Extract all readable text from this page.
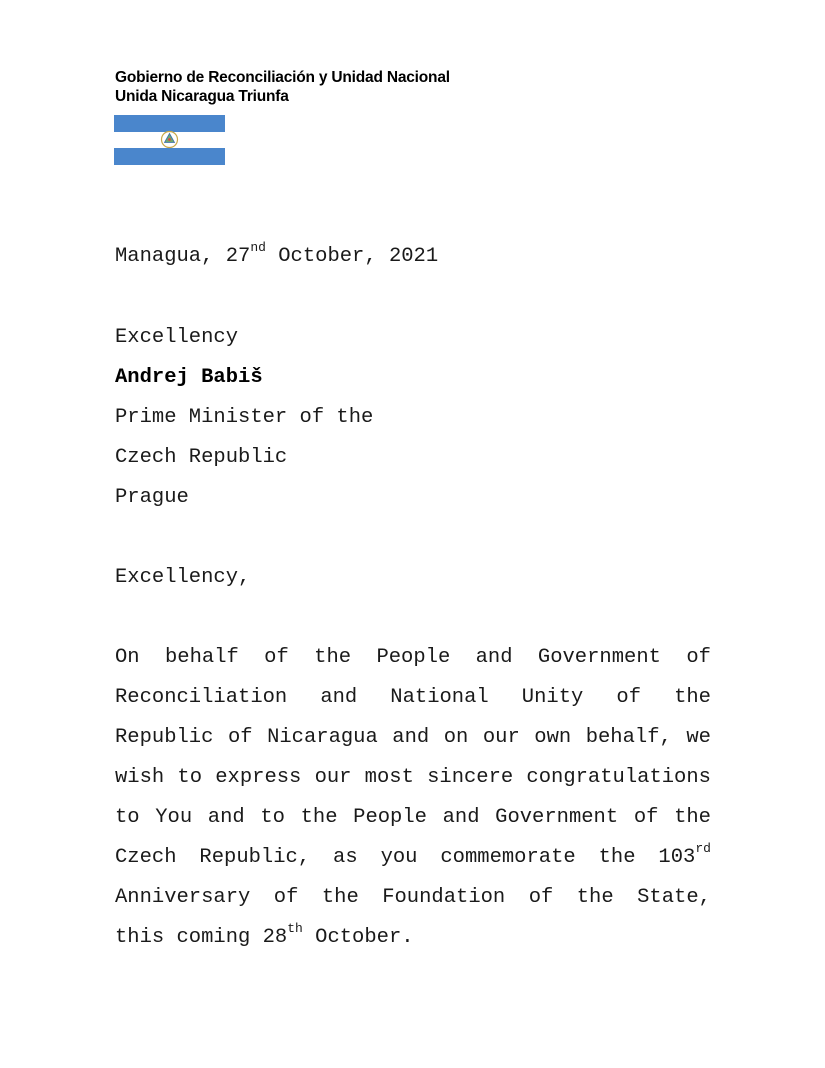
Gobierno de Reconciliación y Unidad Nacional
Unida Nicaragua Triunfa
Managua, 27nd October, 2021
Excellency
Andrej Babiš
Prime Minister of the
Czech Republic
Prague
Excellency,
On behalf of the People and Government of
Reconciliation and National Unity of the
Republic of Nicaragua and on our own behalf, we
wish to express our most sincere congratulations
to You and to the People and Government of the
Czech Republic, as you commemorate the 103rd
Anniversary of the Foundation of the State,
this coming 28th October.
